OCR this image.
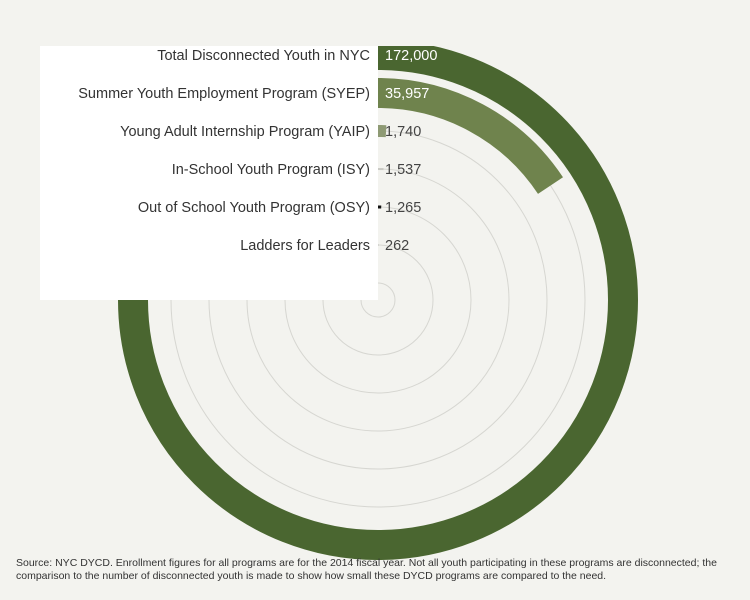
Total Disconnected Youth in NYC 172,000
Summer Youth Employment Program (SYEP) 35,957
Young Adult Internship Program (YAIP) 1,740
In-School Youth Program (ISY) 1,537
Out of School Youth Program (OSY) 1,265
Ladders for Leaders 262
Source: NYC DYCD. Enrollment figures for all programs are for the 2014 fiscal year. Not all youth participating in these programs are disconnected; the comparison to the number of disconnected youth is made to show how small these DYCD programs are compared to the need.
